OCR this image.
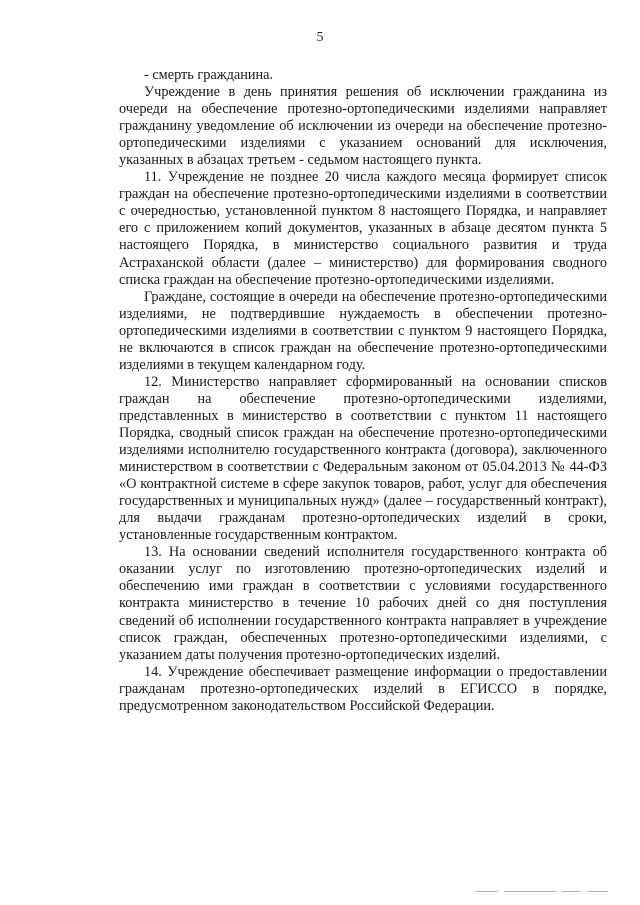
5

- смерть гражданина.

Учреждение в день принятия решения об исключении гражданина из очереди на обеспечение протезно-ортопедическими изделиями направляет гражданину уведомление об исключении из очереди на обеспечение протезно-ортопедическими изделиями с указанием оснований для исключения, указанных в абзацах третьем - седьмом настоящего пункта.

11. Учреждение не позднее 20 числа каждого месяца формирует список граждан на обеспечение протезно-ортопедическими изделиями в соответствии с очередностью, установленной пунктом 8 настоящего Порядка, и направляет его с приложением копий документов, указанных в абзаце десятом пункта 5 настоящего Порядка, в министерство социального развития и труда Астраханской области (далее – министерство) для формирования сводного списка граждан на обеспечение протезно-ортопедическими изделиями.

Граждане, состоящие в очереди на обеспечение протезно-ортопедическими изделиями, не подтвердившие нуждаемость в обеспечении протезно-ортопедическими изделиями в соответствии с пунктом 9 настоящего Порядка, не включаются в список граждан на обеспечение протезно-ортопедическими изделиями в текущем календарном году.

12. Министерство направляет сформированный на основании списков граждан на обеспечение протезно-ортопедическими изделиями, представленных в министерство в соответствии с пунктом 11 настоящего Порядка, сводный список граждан на обеспечение протезно-ортопедическими изделиями исполнителю государственного контракта (договора), заключенного министерством в соответствии с Федеральным законом от 05.04.2013 № 44-ФЗ «О контрактной системе в сфере закупок товаров, работ, услуг для обеспечения государственных и муниципальных нужд» (далее – государственный контракт), для выдачи гражданам протезно-ортопедических изделий в сроки, установленные государственным контрактом.

13. На основании сведений исполнителя государственного контракта об оказании услуг по изготовлению протезно-ортопедических изделий и обеспечению ими граждан в соответствии с условиями государственного контракта министерство в течение 10 рабочих дней со дня поступления сведений об исполнении государственного контракта направляет в учреждение список граждан, обеспеченных протезно-ортопедическими изделиями, с указанием даты получения протезно-ортопедических изделий.

14. Учреждение обеспечивает размещение информации о предоставлении гражданам протезно-ортопедических изделий в ЕГИССО в порядке, предусмотренном законодательством Российской Федерации.
